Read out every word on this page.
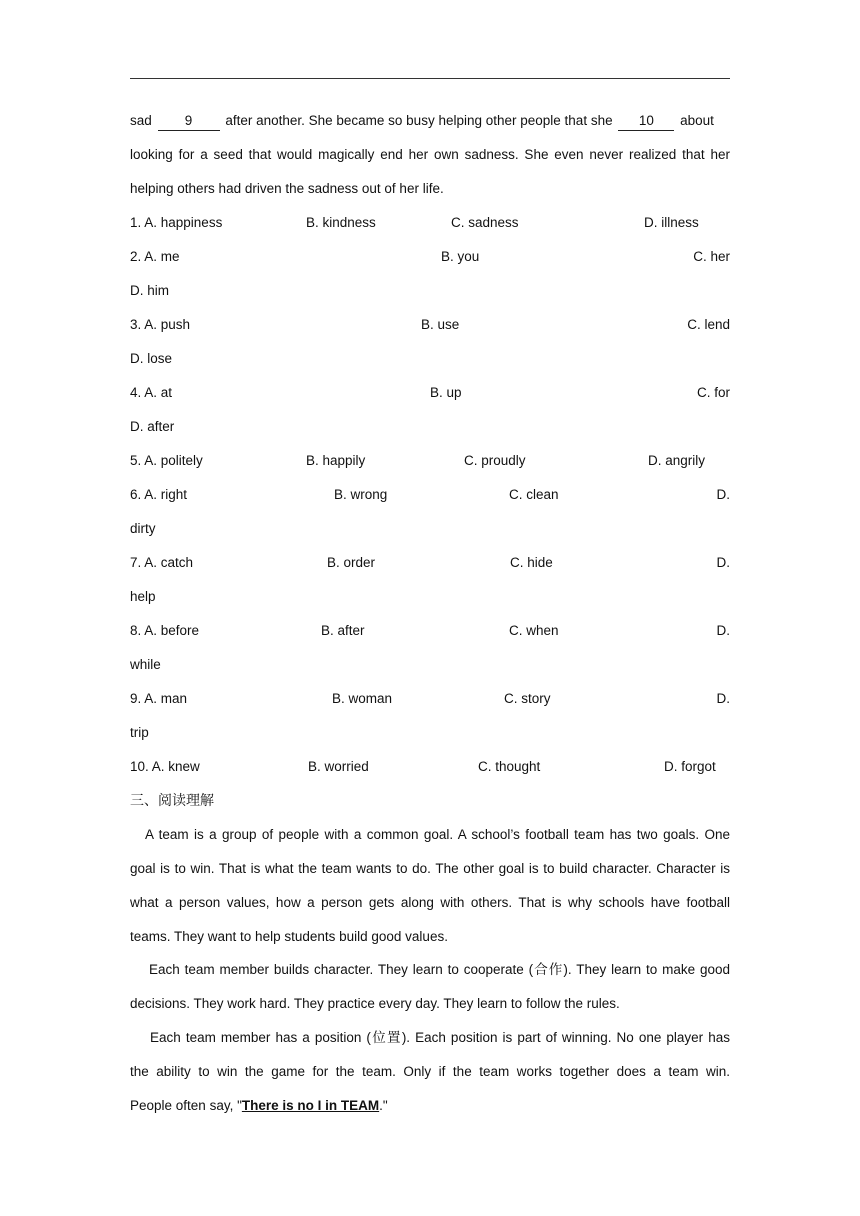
sad 9 after another. She became so busy helping other people that she 10 about
looking for a seed that would magically end her own sadness. She even never realized that her
helping others had driven the sadness out of her life.
1. A. happiness	B. kindness	C. sadness	D. illness
2. A. me	B. you	C. her
D. him
3. A. push	B. use	C. lend
D. lose
4. A. at	B. up	C. for
D. after
5. A. politely	B. happily	C. proudly	D. angrily
6. A. right	B. wrong	C. clean	D.
dirty
7. A. catch	B. order	C. hide	D.
help
8. A. before	B. after	C. when	D.
while
9. A. man	B. woman	C. story	D.
trip
10. A. knew	B. worried	C. thought	D. forgot
三、阅读理解
A team is a group of people with a common goal. A school’s football team has two goals. One
goal is to win. That is what the team wants to do. The other goal is to build character. Character is
what a person values, how a person gets along with others. That is why schools have football
teams. They want to help students build good values.
Each team member builds character. They learn to cooperate (合作). They learn to make good
decisions. They work hard. They practice every day. They learn to follow the rules.
Each team member has a position (位置). Each position is part of winning. No one player has
the ability to win the game for the team. Only if the team works together does a team win.
People often say, "There is no I in TEAM."
